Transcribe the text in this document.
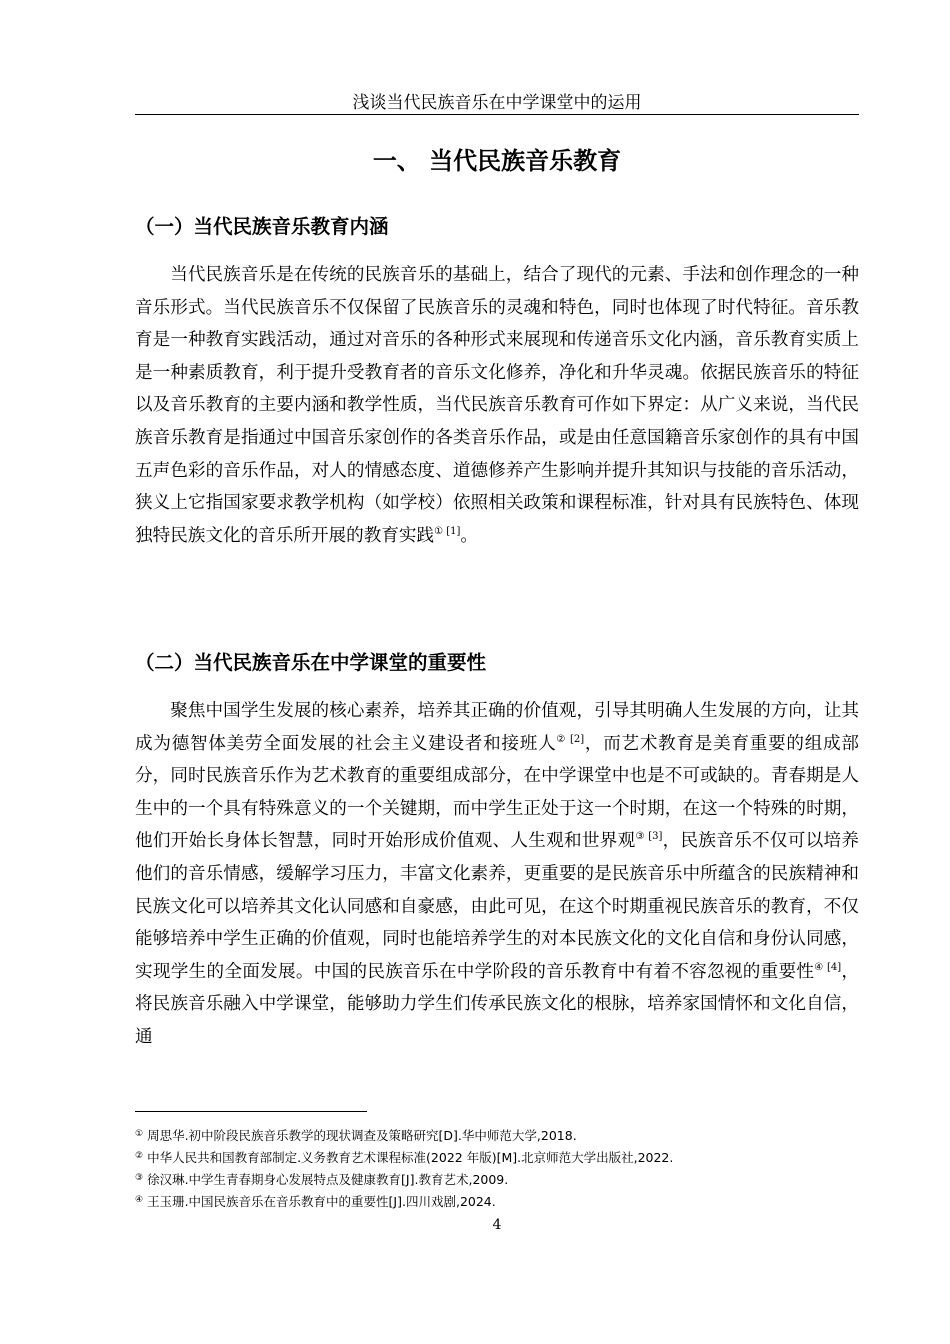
浅谈当代民族音乐在中学课堂中的运用
一、 当代民族音乐教育
（一）当代民族音乐教育内涵

当代民族音乐是在传统的民族音乐的基础上，结合了现代的元素、手法和创作理念的一种音乐形式。当代民族音乐不仅保留了民族音乐的灵魂和特色，同时也体现了时代特征。音乐教育是一种教育实践活动，通过对音乐的各种形式来展现和传递音乐文化内涵，音乐教育实质上是一种素质教育，利于提升受教育者的音乐文化修养，净化和升华灵魂。依据民族音乐的特征以及音乐教育的主要内涵和教学性质，当代民族音乐教育可作如下界定：从广义来说，当代民族音乐教育是指通过中国音乐家创作的各类音乐作品，或是由任意国籍音乐家创作的具有中国五声色彩的音乐作品，对人的情感态度、道德修养产生影响并提升其知识与技能的音乐活动，狭义上它指国家要求教学机构（如学校）依照相关政策和课程标准，针对具有民族特色、体现独特民族文化的音乐所开展的教育实践$^{① [1]}$。

（二）当代民族音乐在中学课堂的重要性

聚焦中国学生发展的核心素养，培养其正确的价值观，引导其明确人生发展的方向，让其成为德智体美劳全面发展的社会主义建设者和接班人$^{② [2]}$，而艺术教育是美育重要的组成部分，同时民族音乐作为艺术教育的重要组成部分，在中学课堂中也是不可或缺的。青春期是人生中的一个具有特殊意义的一个关键期，而中学生正处于这一个时期，在这一个特殊的时期，他们开始长身体长智慧，同时开始形成价值观、人生观和世界观$^{③ [3]}$，民族音乐不仅可以培养他们的音乐情感，缓解学习压力，丰富文化素养，更重要的是民族音乐中所蕴含的民族精神和民族文化可以培养其文化认同感和自豪感，由此可见，在这个时期重视民族音乐的教育，不仅能够培养中学生正确的价值观，同时也能培养学生的对本民族文化的文化自信和身份认同感，实现学生的全面发展。中国的民族音乐在中学阶段的音乐教育中有着不容忽视的重要性$^{④ [4]}$，将民族音乐融入中学课堂，能够助力学生们传承民族文化的根脉，培养家国情怀和文化自信，通

① 周思华.初中阶段民族音乐教学的现状调查及策略研究[D].华中师范大学,2018.
② 中华人民共和国教育部制定.义务教育艺术课程标准(2022 年版)[M].北京师范大学出版社,2022.
③ 徐汉琳.中学生青春期身心发展特点及健康教育[J].教育艺术,2009.
④ 王玉珊.中国民族音乐在音乐教育中的重要性[J].四川戏剧,2024.
4
